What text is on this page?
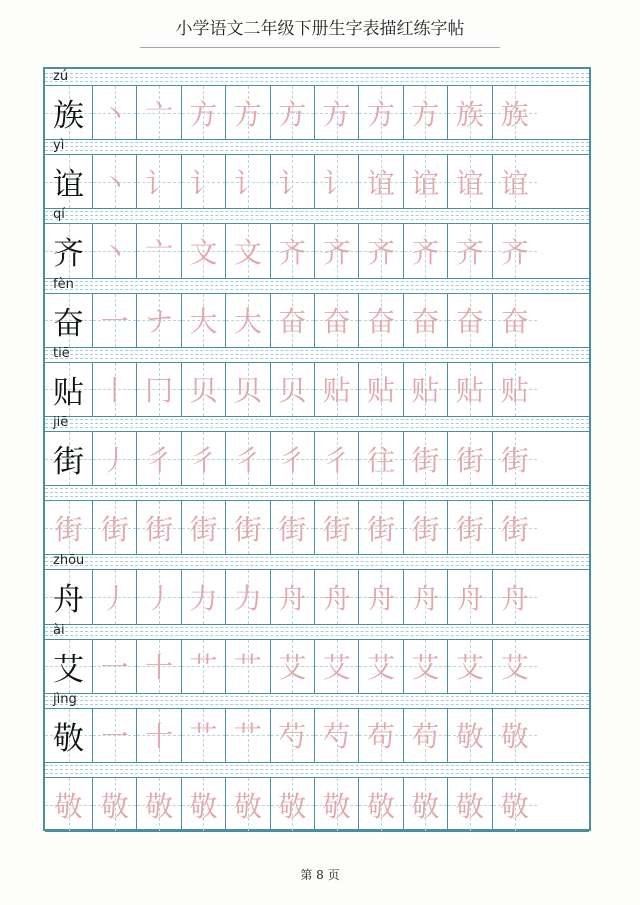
小学语文二年级下册生字表描红练字帖
zú
族 丶 亠 方 方 方 方 方 方 族 族
yì
谊 丶 讠 讠 讠 讠 讠 谊 谊 谊 谊
qí
齐 丶 亠 文 文 齐 齐 齐 齐 齐 齐
fèn
奋 一 ナ 大 大 奋 奋 奋 奋 奋 奋
tiē
贴 丨 冂 贝 贝 贝 贴 贴 贴 贴 贴
jiē
街 丿 彳 彳 彳 彳 彳 往 街 街 街
街 街 街 街 街 街 街 街 街 街 街
zhōu
舟 丿 丿 力 力 舟 舟 舟 舟 舟 舟
ài
艾 一 十 艹 艹 艾 艾 艾 艾 艾 艾
jìng
敬 一 十 艹 艹 芍 芍 苟 苟 敬 敬
敬 敬 敬 敬 敬 敬 敬 敬 敬 敬 敬
第 8 页
